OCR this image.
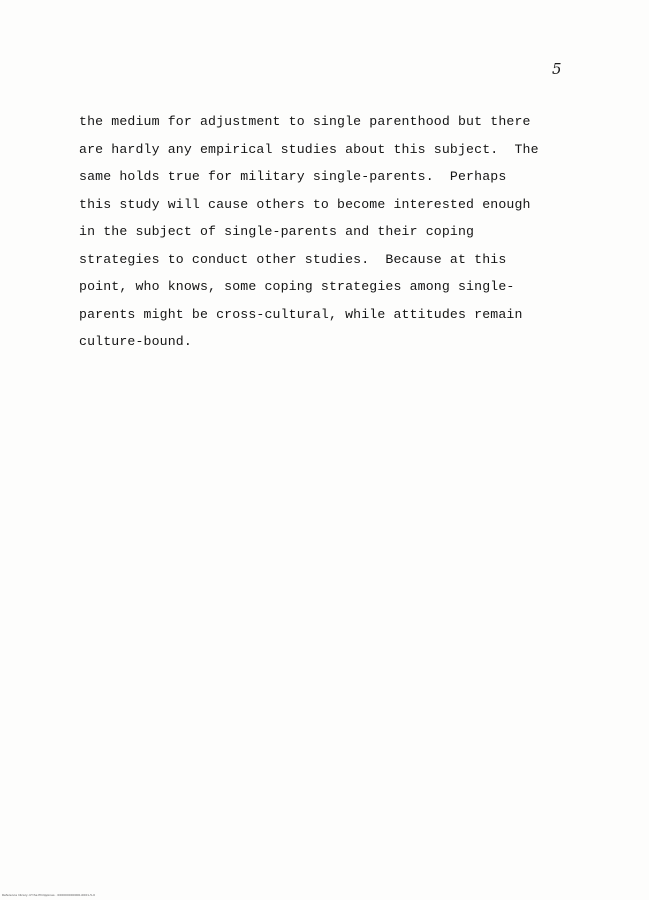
5
the medium for adjustment to single parenthood but there
are hardly any empirical studies about this subject.  The
same holds true for military single-parents.  Perhaps
this study will cause others to become interested enough
in the subject of single-parents and their coping
strategies to conduct other studies.  Because at this
point, who knows, some coping strategies among single-
parents might be cross-cultural, while attitudes remain
culture-bound.
Reference library of the Philippines · 000000000000-0001-5-0
